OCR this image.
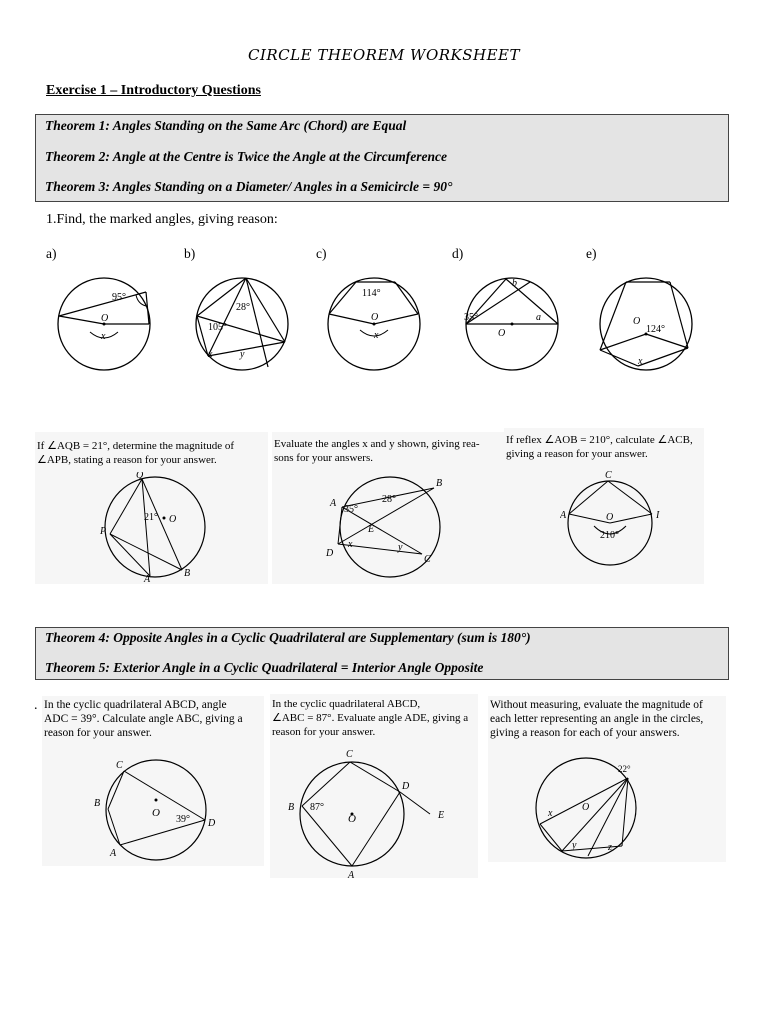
CIRCLE THEOREM WORKSHEET
Exercise 1 – Introductory Questions
Theorem 1: Angles Standing on the Same Arc (Chord) are Equal
Theorem 2: Angle at the Centre is Twice the Angle at the Circumference
Theorem 3: Angles Standing on a Diameter/ Angles in a Semicircle = 90°
1.Find, the marked angles, giving reason:
a)	b)	c)	d)	e)
95°
O
x
28°
105°
x	y
114°
O
x
35°
O
a
b
124°
O
x
If ∠AQB = 21°, determine the magnitude of
∠APB, stating a reason for your answer.
Q
P
A
B
O
21°
Evaluate the angles x and y shown, giving rea-
sons for your answers.
A
B
C
D
E
35°
28°
x	y
If reflex ∠AOB = 210°, calculate ∠ACB,
giving a reason for your answer.
C
A	I
O
210°
Theorem 4: Opposite Angles in a Cyclic Quadrilateral are Supplementary (sum is 180°)
Theorem 5: Exterior Angle in a Cyclic Quadrilateral = Interior Angle Opposite
. In the cyclic quadrilateral ABCD, angle
ADC = 39°. Calculate angle ABC, giving a
reason for your answer.
C
B
A
D
O
39°
In the cyclic quadrilateral ABCD,
∠ABC = 87°. Evaluate angle ADE, giving a
reason for your answer.
C
B
A
D
E
O
87°
Without measuring, evaluate the magnitude of
each letter representing an angle in the circles,
giving a reason for each of your answers.
O
22°
x
y	z
